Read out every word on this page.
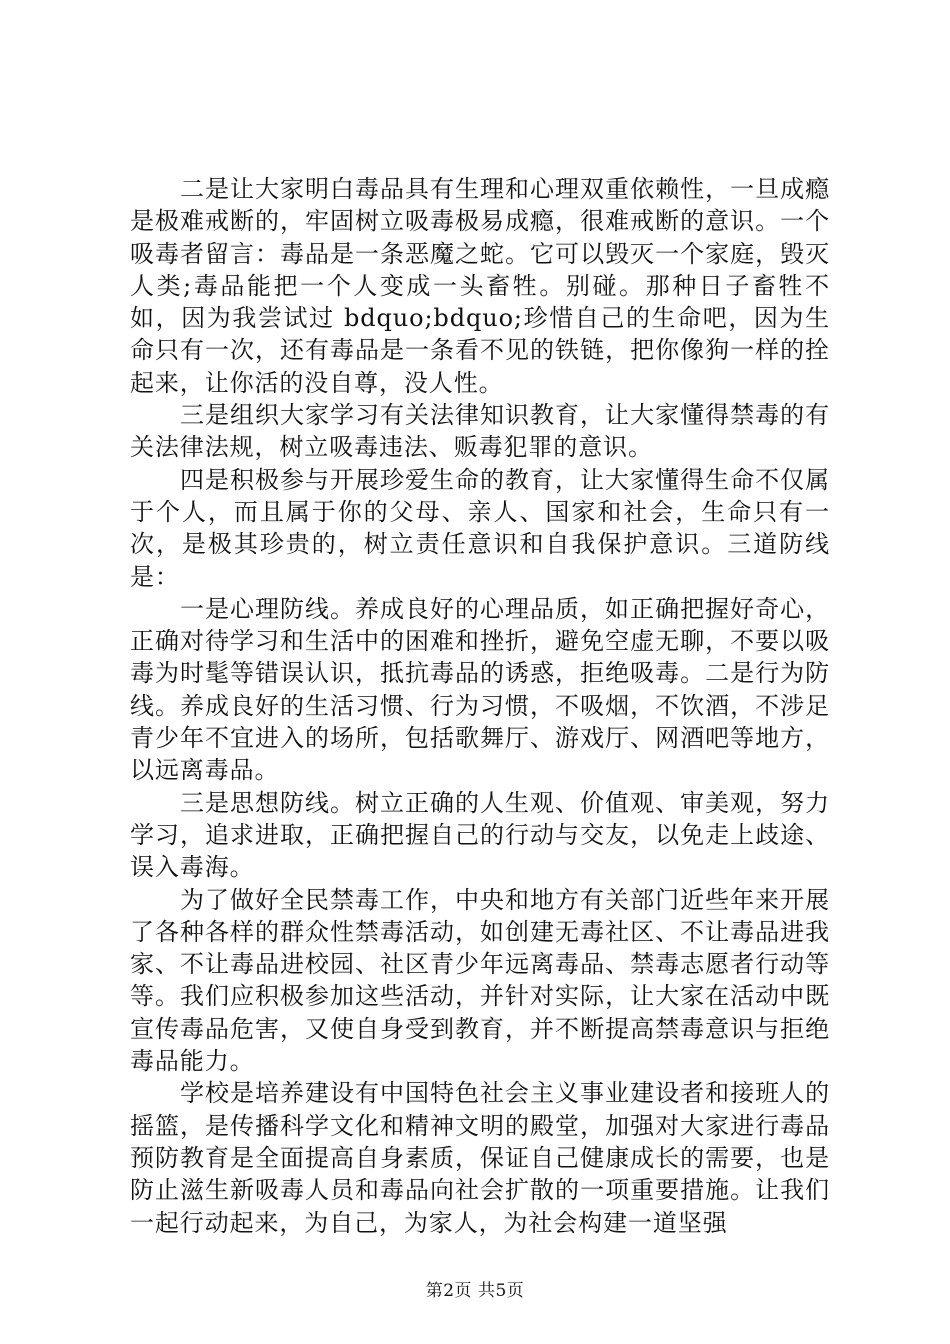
二是让大家明白毒品具有生理和心理双重依赖性，一旦成瘾是极难戒断的，牢固树立吸毒极易成瘾，很难戒断的意识。一个吸毒者留言：毒品是一条恶魔之蛇。它可以毁灭一个家庭，毁灭人类;毒品能把一个人变成一头畜牲。别碰。那种日子畜牲不如，因为我尝试过 bdquo;bdquo;珍惜自己的生命吧，因为生命只有一次，还有毒品是一条看不见的铁链，把你像狗一样的拴起来，让你活的没自尊，没人性。

三是组织大家学习有关法律知识教育，让大家懂得禁毒的有关法律法规，树立吸毒违法、贩毒犯罪的意识。

四是积极参与开展珍爱生命的教育，让大家懂得生命不仅属于个人，而且属于你的父母、亲人、国家和社会，生命只有一次，是极其珍贵的，树立责任意识和自我保护意识。三道防线是：

一是心理防线。养成良好的心理品质，如正确把握好奇心，正确对待学习和生活中的困难和挫折，避免空虚无聊，不要以吸毒为时髦等错误认识，抵抗毒品的诱惑，拒绝吸毒。二是行为防线。养成良好的生活习惯、行为习惯，不吸烟，不饮酒，不涉足青少年不宜进入的场所，包括歌舞厅、游戏厅、网酒吧等地方，以远离毒品。

三是思想防线。树立正确的人生观、价值观、审美观，努力学习，追求进取，正确把握自己的行动与交友，以免走上歧途、误入毒海。

为了做好全民禁毒工作，中央和地方有关部门近些年来开展了各种各样的群众性禁毒活动，如创建无毒社区、不让毒品进我家、不让毒品进校园、社区青少年远离毒品、禁毒志愿者行动等等。我们应积极参加这些活动，并针对实际，让大家在活动中既宣传毒品危害，又使自身受到教育，并不断提高禁毒意识与拒绝毒品能力。

学校是培养建设有中国特色社会主义事业建设者和接班人的摇篮，是传播科学文化和精神文明的殿堂，加强对大家进行毒品预防教育是全面提高自身素质，保证自己健康成长的需要，也是防止滋生新吸毒人员和毒品向社会扩散的一项重要措施。让我们一起行动起来，为自己，为家人，为社会构建一道坚强

第2页 共5页
